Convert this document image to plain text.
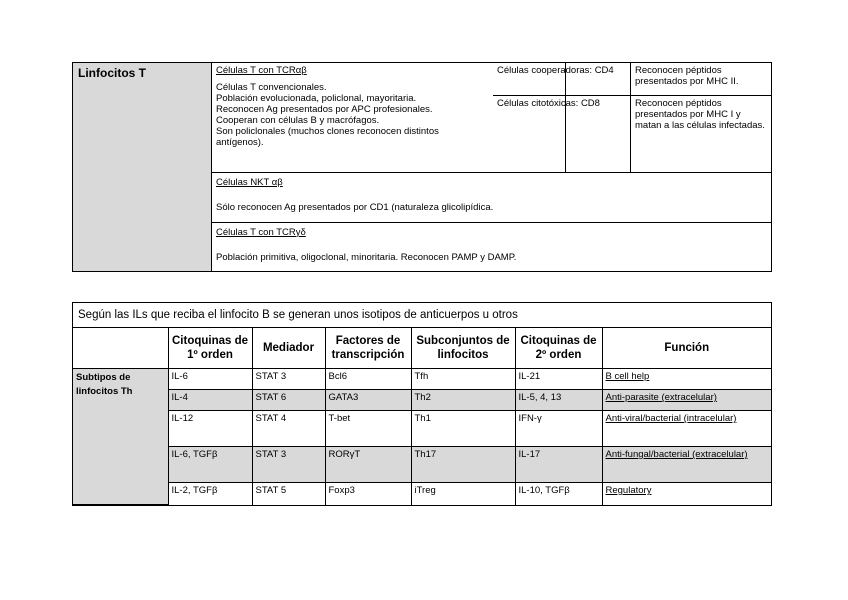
Linfocitos T	Células T con TCRαβ
Células T convencionales.
Población evolucionada, policlonal, mayoritaria.
Reconocen Ag presentados por APC profesionales.
Cooperan con células B y macrófagos.
Son policlonales (muchos clones reconocen distintos
antígenos).
Células cooperadoras: CD4	Reconocen péptidos presentados por MHC II.
Células citotóxicas: CD8	Reconocen péptidos presentados por MHC I y matan a las células infectadas.
Células NKT αβ
Sólo reconocen Ag presentados por CD1 (naturaleza glicolipídica.
Células T con TCRγδ
Población primitiva, oligoclonal, minoritaria. Reconocen PAMP y DAMP.
Según las ILs que reciba el linfocito B se generan unos isotipos de anticuerpos u otros
	Citoquinas de 1º orden	Mediador	Factores de transcripción	Subconjuntos de linfocitos	Citoquinas de 2º orden	Función
Subtipos de linfocitos Th	IL-6	STAT 3	Bcl6	Tfh	IL-21	B cell help
	IL-4	STAT 6	GATA3	Th2	IL-5, 4, 13	Anti-parasite (extracelular)
	IL-12	STAT 4	T-bet	Th1	IFN-γ	Anti-viral/bacterial (intracelular)
	IL-6, TGFβ	STAT 3	RORγT	Th17	IL-17	Anti-fungal/bacterial (extracelular)
	IL-2, TGFβ	STAT 5	Foxp3	iTreg	IL-10, TGFβ	Regulatory
